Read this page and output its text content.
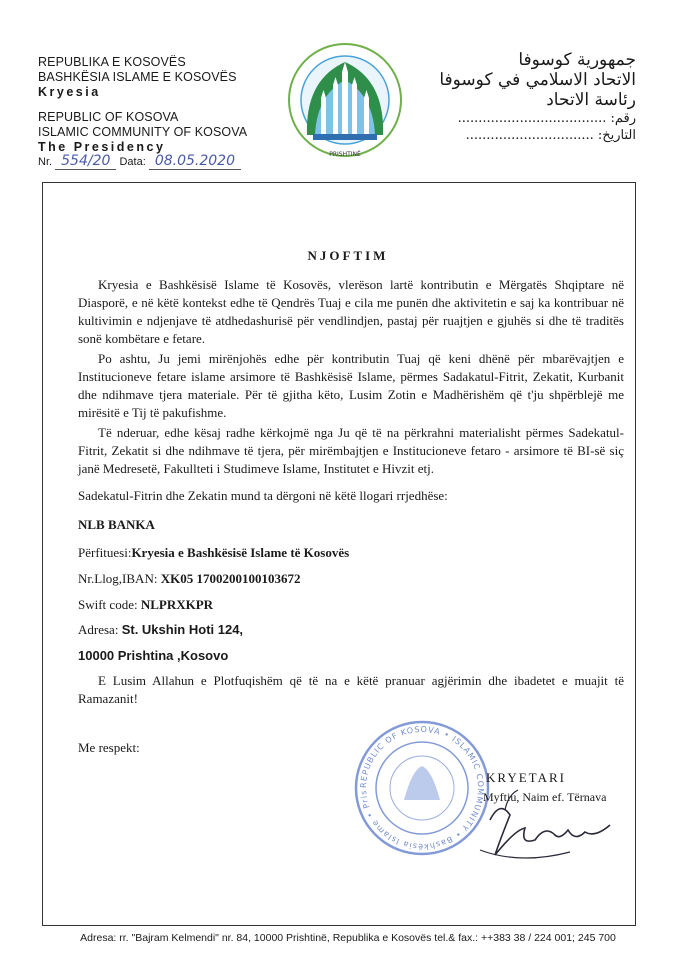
REPUBLIKA E KOSOVËS
BASHKËSIA ISLAME E KOSOVËS
Kryesia
REPUBLIC OF KOSOVA
ISLAMIC COMMUNITY OF KOSOVA
The Presidency
Nr. 554/20 Data: 08.05.2020	PRISHTINË
جمهورية كوسوفا
الاتحاد الاسلامي في كوسوفا
رئاسة الاتحاد
رقم: ....................................
التاريخ: ...............................
NJOFTIM

Kryesia e Bashkësisë Islame të Kosovës, vlerëson lartë kontributin e Mërgatës Shqiptare në Diasporë, e në këtë kontekst edhe të Qendrës Tuaj e cila me punën dhe aktivitetin e saj ka kontribuar në kultivimin e ndjenjave të atdhedashurisë për vendlindjen, pastaj për ruajtjen e gjuhës si dhe të traditës sonë kombëtare e fetare.

Po ashtu, Ju jemi mirënjohës edhe për kontributin Tuaj që keni dhënë për mbarëvajtjen e Institucioneve fetare islame arsimore të Bashkësisë Islame, përmes Sadakatul-Fitrit, Zekatit, Kurbanit dhe ndihmave tjera materiale. Për të gjitha këto, Lusim Zotin e Madhërishëm që t'ju shpërblejë me mirësitë e Tij të pakufishme.

Të nderuar, edhe kësaj radhe kërkojmë nga Ju që të na përkrahni materialisht përmes Sadekatul-Fitrit, Zekatit si dhe ndihmave të tjera, për mirëmbajtjen e Institucioneve fetaro - arsimore të BI-së siç janë Medresetë, Fakullteti i Studimeve Islame, Institutet e Hivzit etj.

Sadekatul-Fitrin dhe Zekatin mund ta dërgoni në këtë llogari rrjedhëse:
NLB BANKA
Përfituesi:Kryesia e Bashkësisë Islame të Kosovës
Nr.Llog,IBAN: XK05 1700200100103672
Swift code: NLPRXKPR
Adresa: St. Ukshin Hoti 124,
10000 Prishtina ,Kosovo

E Lusim Allahun e Plotfuqishëm që të na e këtë pranuar agjërimin dhe ibadetet e muajit të Ramazanit!

Me respekt:
REPUBLIC OF KOSOVA • ISLAMIC COMMUNITY • Bashkësia Islame • Pris
KRYETARI
Myftiu, Naim ef. Tërnava
Adresa: rr. "Bajram Kelmendi" nr. 84, 10000 Prishtinë, Republika e Kosovës tel.& fax.: ++383 38 / 224 001; 245 700
